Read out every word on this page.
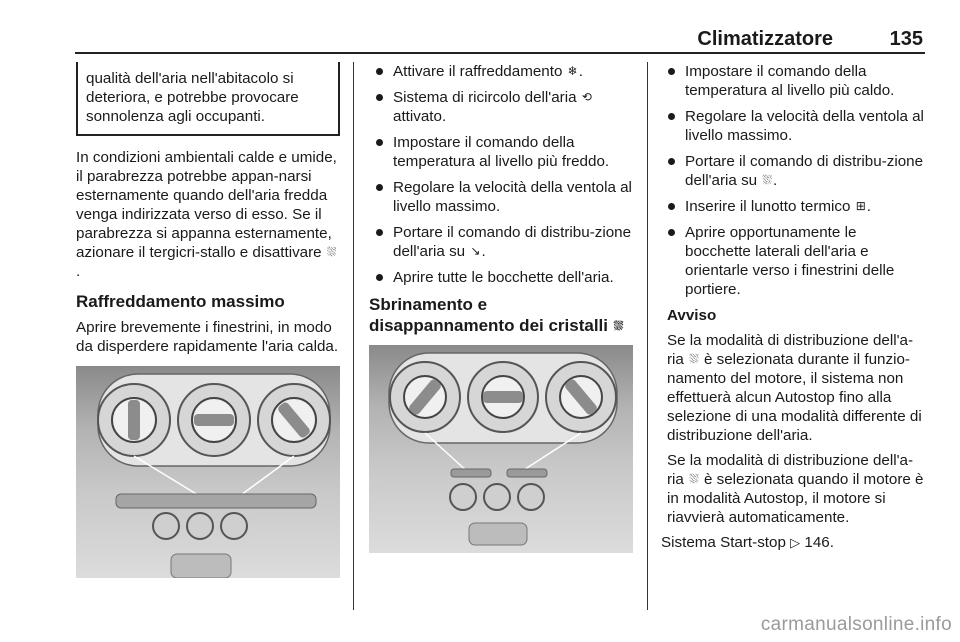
Climatizzatore	135
qualità dell'aria nell'abitacolo si deteriora, e potrebbe provocare sonnolenza agli occupanti.

In condizioni ambientali calde e umide, il parabrezza potrebbe appan-narsi esternamente quando dell'aria fredda venga indirizzata verso di esso. Se il parabrezza si appanna esternamente, azionare il tergicri-stallo e disattivare ⛆.

Raffreddamento massimo

Aprire brevemente i finestrini, in modo da disperdere rapidamente l'aria calda.

Attivare il raffreddamento ❄.
Sistema di ricircolo dell'aria ⟲ attivato.
Impostare il comando della temperatura al livello più freddo.
Regolare la velocità della ventola al livello massimo.
Portare il comando di distribu-zione dell'aria su ↘.
Aprire tutte le bocchette dell'aria.
Sbrinamento e disappannamento dei cristalli ⛆
Impostare il comando della temperatura al livello più caldo.
Regolare la velocità della ventola al livello massimo.
Portare il comando di distribu-zione dell'aria su ⛆.
Inserire il lunotto termico ⊞.
Aprire opportunamente le bocchette laterali dell'aria e orientarle verso i finestrini delle portiere.

Avviso

Se la modalità di distribuzione dell'a-ria ⛆ è selezionata durante il funzio-namento del motore, il sistema non effettuerà alcun Autostop fino alla selezione di una modalità differente di distribuzione dell'aria.

Se la modalità di distribuzione dell'a-ria ⛆ è selezionata quando il motore è in modalità Autostop, il motore si riavvierà automaticamente.

Sistema Start-stop ▷ 146.

carmanualsonline.info
